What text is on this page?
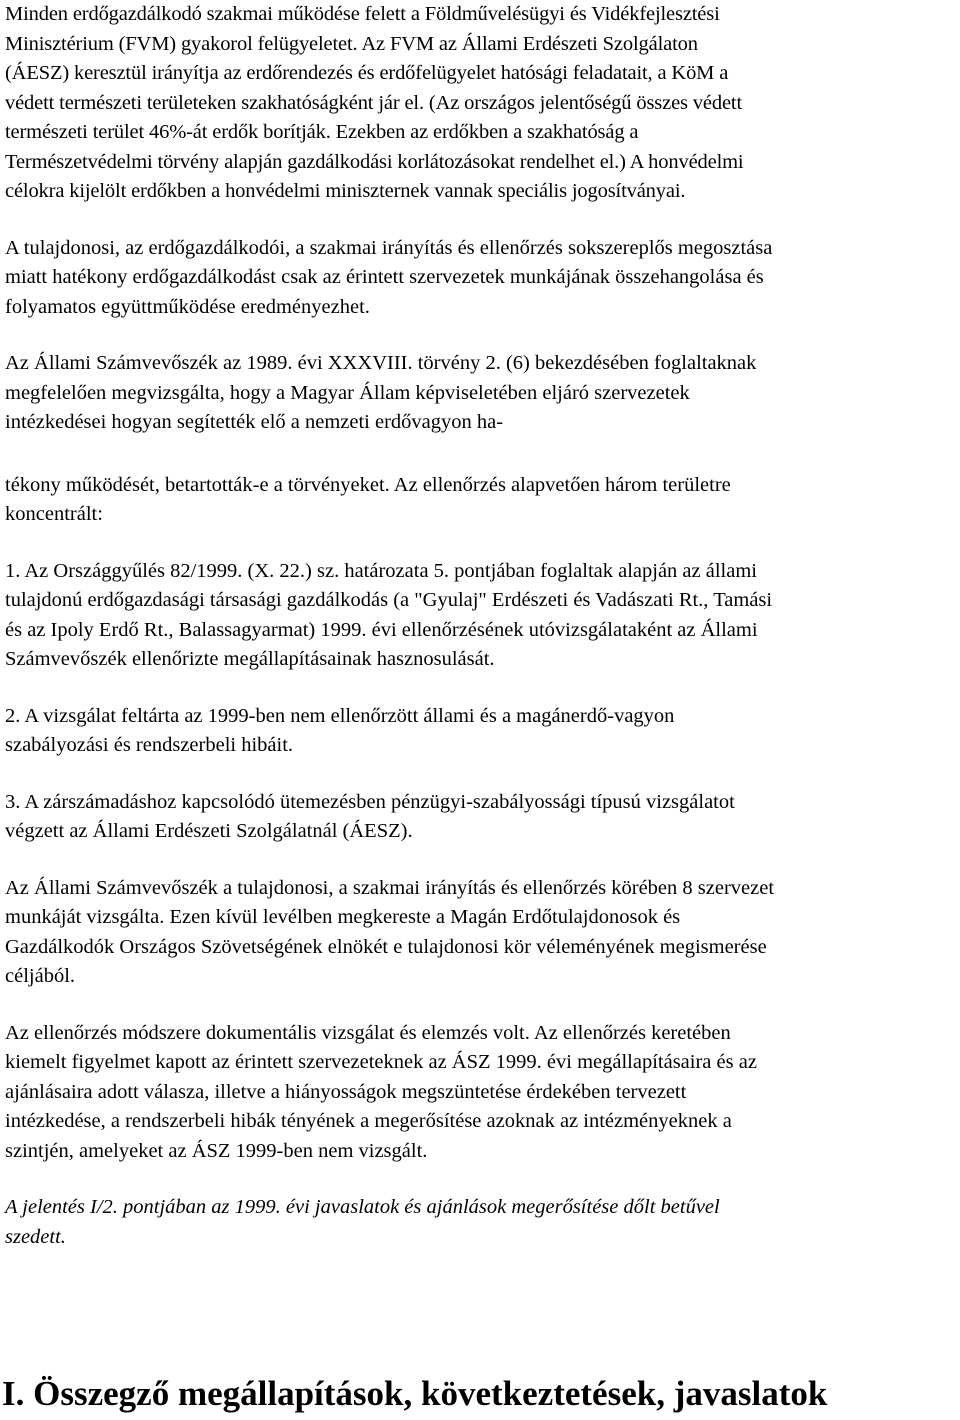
Minden erdőgazdálkodó szakmai működése felett a Földművelésügyi és Vidékfejlesztési
Minisztérium (FVM) gyakorol felügyeletet. Az FVM az Állami Erdészeti Szolgálaton
(ÁESZ) keresztül irányítja az erdőrendezés és erdőfelügyelet hatósági feladatait, a KöM a
védett természeti területeken szakhatóságként jár el. (Az országos jelentőségű összes védett
természeti terület 46%-át erdők borítják. Ezekben az erdőkben a szakhatóság a
Természetvédelmi törvény alapján gazdálkodási korlátozásokat rendelhet el.) A honvédelmi
célokra kijelölt erdőkben a honvédelmi miniszternek vannak speciális jogosítványai.

A tulajdonosi, az erdőgazdálkodói, a szakmai irányítás és ellenőrzés sokszereplős megosztása
miatt hatékony erdőgazdálkodást csak az érintett szervezetek munkájának összehangolása és
folyamatos együttműködése eredményezhet.

Az Állami Számvevőszék az 1989. évi XXXVIII. törvény 2. (6) bekezdésében foglaltaknak
megfelelően megvizsgálta, hogy a Magyar Állam képviseletében eljáró szervezetek
intézkedései hogyan segítették elő a nemzeti erdővagyon ha-

tékony működését, betartották-e a törvényeket. Az ellenőrzés alapvetően három területre
koncentrált:

1. Az Országgyűlés 82/1999. (X. 22.) sz. határozata 5. pontjában foglaltak alapján az állami
tulajdonú erdőgazdasági társasági gazdálkodás (a "Gyulaj" Erdészeti és Vadászati Rt., Tamási
és az Ipoly Erdő Rt., Balassagyarmat) 1999. évi ellenőrzésének utóvizsgálataként az Állami
Számvevőszék ellenőrizte megállapításainak hasznosulását.

2. A vizsgálat feltárta az 1999-ben nem ellenőrzött állami és a magánerdő-vagyon
szabályozási és rendszerbeli hibáit.

3. A zárszámadáshoz kapcsolódó ütemezésben pénzügyi-szabályossági típusú vizsgálatot
végzett az Állami Erdészeti Szolgálatnál (ÁESZ).

Az Állami Számvevőszék a tulajdonosi, a szakmai irányítás és ellenőrzés körében 8 szervezet
munkáját vizsgálta. Ezen kívül levélben megkereste a Magán Erdőtulajdonosok és
Gazdálkodók Országos Szövetségének elnökét e tulajdonosi kör véleményének megismerése
céljából.

Az ellenőrzés módszere dokumentális vizsgálat és elemzés volt. Az ellenőrzés keretében
kiemelt figyelmet kapott az érintett szervezeteknek az ÁSZ 1999. évi megállapításaira és az
ajánlásaira adott válasza, illetve a hiányosságok megszüntetése érdekében tervezett
intézkedése, a rendszerbeli hibák tényének a megerősítése azoknak az intézményeknek a
szintjén, amelyeket az ÁSZ 1999-ben nem vizsgált.

A jelentés I/2. pontjában az 1999. évi javaslatok és ajánlások megerősítése dőlt betűvel
szedett.

I. Összegző megállapítások, következtetések, javaslatok
